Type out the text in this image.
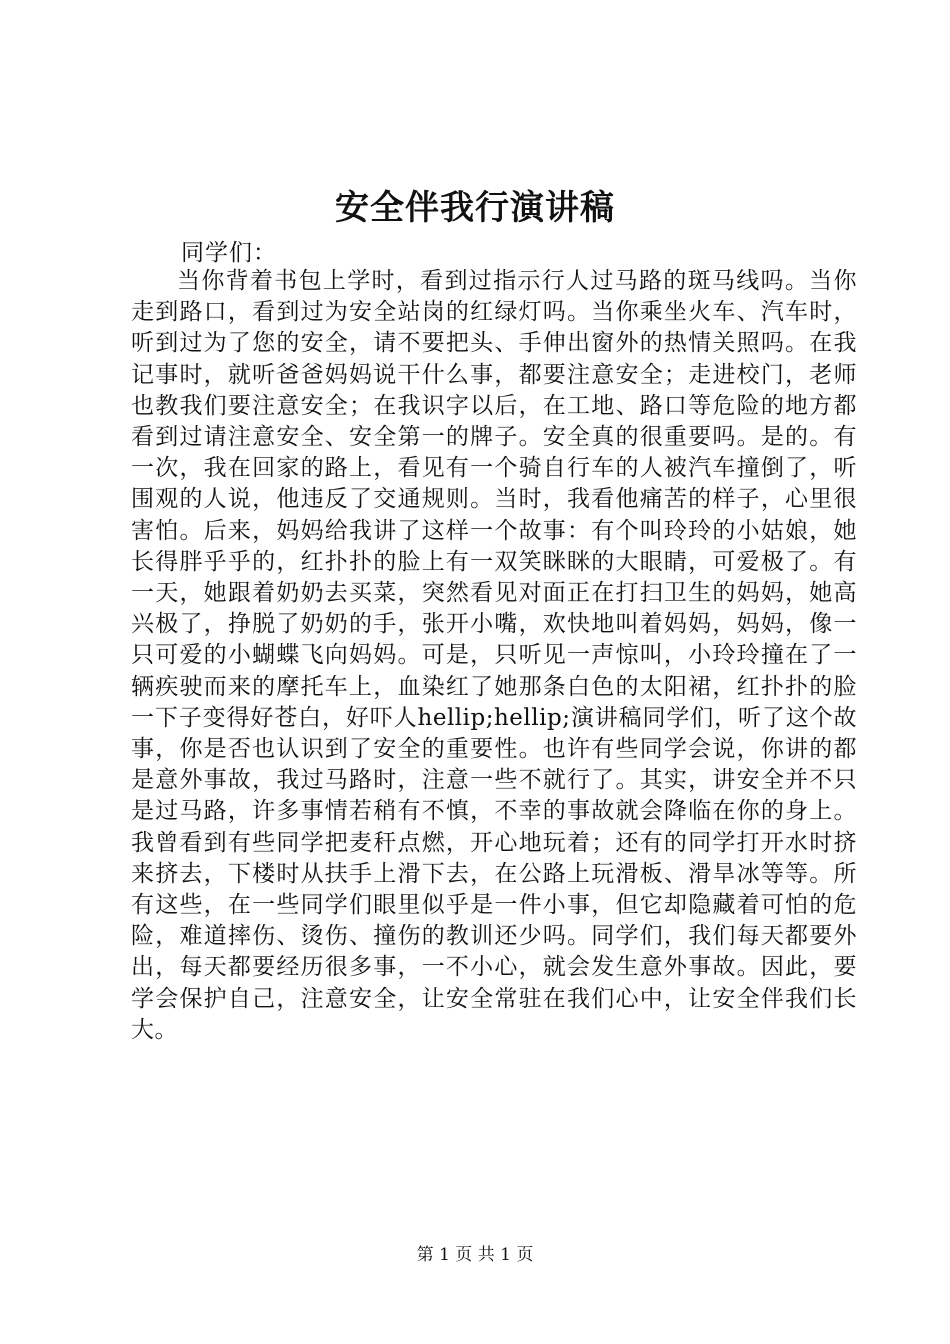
安全伴我行演讲稿

同学们：

当你背着书包上学时，看到过指示行人过马路的斑马线吗。当你走到路口，看到过为安全站岗的红绿灯吗。当你乘坐火车、汽车时，听到过为了您的安全，请不要把头、手伸出窗外的热情关照吗。在我记事时，就听爸爸妈妈说干什么事，都要注意安全；走进校门，老师也教我们要注意安全；在我识字以后，在工地、路口等危险的地方都看到过请注意安全、安全第一的牌子。安全真的很重要吗。是的。有一次，我在回家的路上，看见有一个骑自行车的人被汽车撞倒了，听围观的人说，他违反了交通规则。当时，我看他痛苦的样子，心里很害怕。后来，妈妈给我讲了这样一个故事：有个叫玲玲的小姑娘，她长得胖乎乎的，红扑扑的脸上有一双笑眯眯的大眼睛，可爱极了。有一天，她跟着奶奶去买菜，突然看见对面正在打扫卫生的妈妈，她高兴极了，挣脱了奶奶的手，张开小嘴，欢快地叫着妈妈，妈妈，像一只可爱的小蝴蝶飞向妈妈。可是，只听见一声惊叫，小玲玲撞在了一辆疾驶而来的摩托车上，血染红了她那条白色的太阳裙，红扑扑的脸一下子变得好苍白，好吓人hellip;hellip;演讲稿同学们，听了这个故事，你是否也认识到了安全的重要性。也许有些同学会说，你讲的都是意外事故，我过马路时，注意一些不就行了。其实，讲安全并不只是过马路，许多事情若稍有不慎，不幸的事故就会降临在你的身上。我曾看到有些同学把麦秆点燃，开心地玩着；还有的同学打开水时挤来挤去，下楼时从扶手上滑下去，在公路上玩滑板、滑旱冰等等。所有这些，在一些同学们眼里似乎是一件小事，但它却隐藏着可怕的危险，难道摔伤、烫伤、撞伤的教训还少吗。同学们，我们每天都要外出，每天都要经历很多事，一不小心，就会发生意外事故。因此，要学会保护自己，注意安全，让安全常驻在我们心中，让安全伴我们长大。

第 1 页 共 1 页
